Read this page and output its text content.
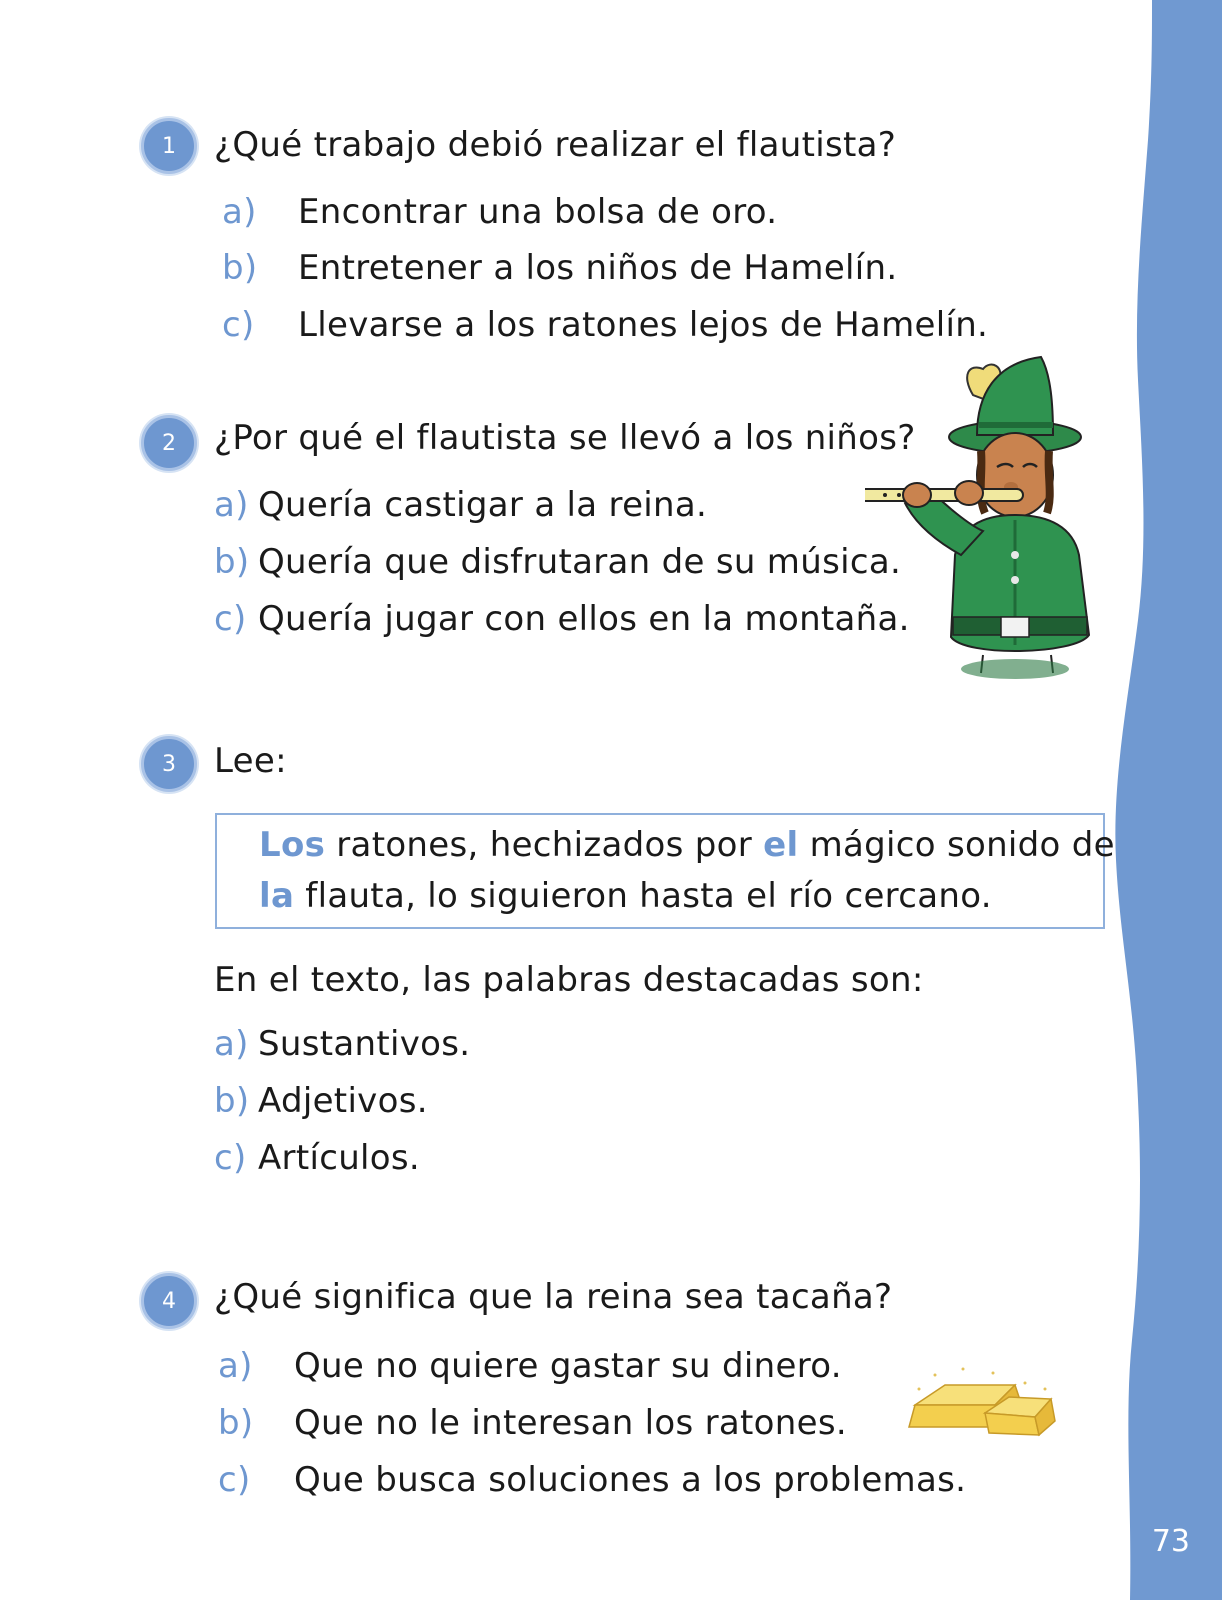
73
1	¿Qué trabajo debió realizar el flautista?
a) Encontrar una bolsa de oro.
b) Entretener a los niños de Hamelín.
c) Llevarse a los ratones lejos de Hamelín.
2	¿Por qué el flautista se llevó a los niños?
a) Quería castigar a la reina.
b) Quería que disfrutaran de su música.
c) Quería jugar con ellos en la montaña.
3	Lee:
Los ratones, hechizados por el mágico sonido de
la flauta, lo siguieron hasta el río cercano.
En el texto, las palabras destacadas son:
a) Sustantivos.
b) Adjetivos.
c) Artículos.
4	¿Qué significa que la reina sea tacaña?
a) Que no quiere gastar su dinero.
b) Que no le interesan los ratones.
c) Que busca soluciones a los problemas.
